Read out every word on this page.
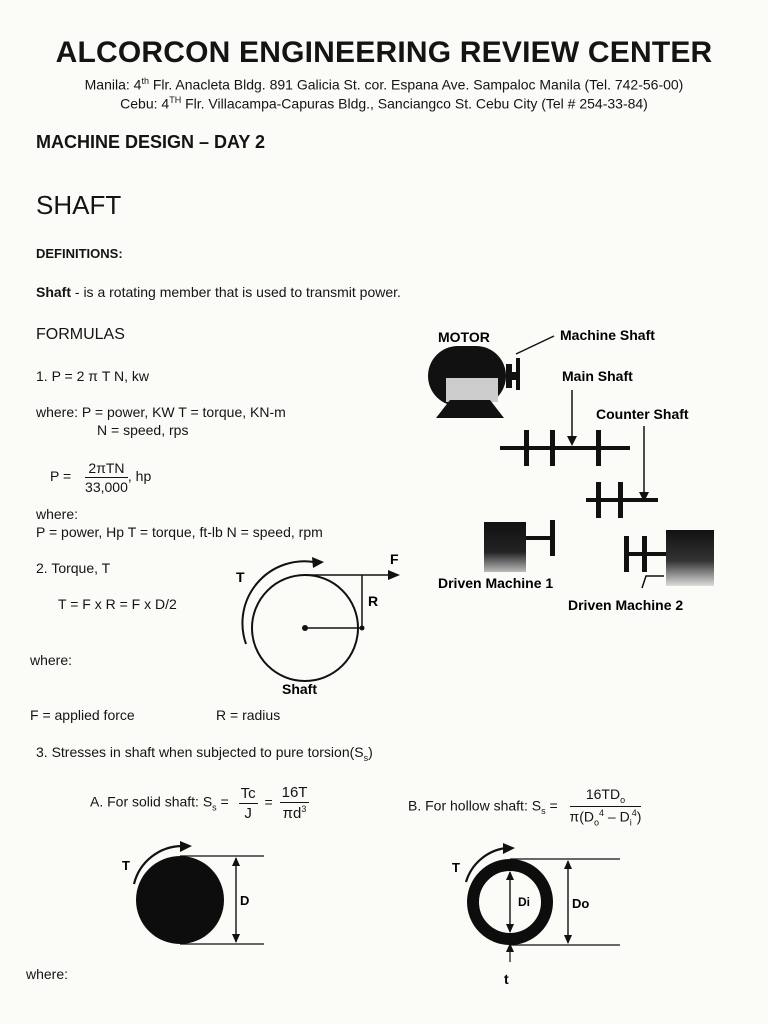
ALCORCON ENGINEERING REVIEW CENTER
Manila: 4th Flr. Anacleta Bldg. 891 Galicia St. cor. Espana Ave. Sampaloc Manila (Tel. 742-56-00)
Cebu: 4TH Flr. Villacampa-Capuras Bldg., Sanciangco St. Cebu City (Tel # 254-33-84)
MACHINE DESIGN – DAY 2
SHAFT
DEFINITIONS:
Shaft - is a rotating member that is used to transmit power.
FORMULAS
1. P = 2 π T N, kw
where: P = power, KW T = torque, KN-m
N = speed, rps
$P = \frac{\text{2πTN}}{33,000}$ , hp
where:
P = power, Hp T = torque, ft-lb N = speed, rpm
2. Torque, T
T = F x R = F x D/2
where:
F = applied force	R = radius
3. Stresses in shaft when subjected to pure $torsion(S_s)$
A. For solid shaft: $S_s = \frac{Tc}{J} = \frac{16T}{\pi d^3}$	B. For hollow shaft: $S_s = \frac{16TD_o}{\pi(D_o^4 - D_i^4)}$
where:
MOTOR	Machine Shaft
Main Shaft
Counter Shaft
Driven Machine 1
Driven Machine 2
T
F
R
Shaft
T
D
T
Do
Di
t
